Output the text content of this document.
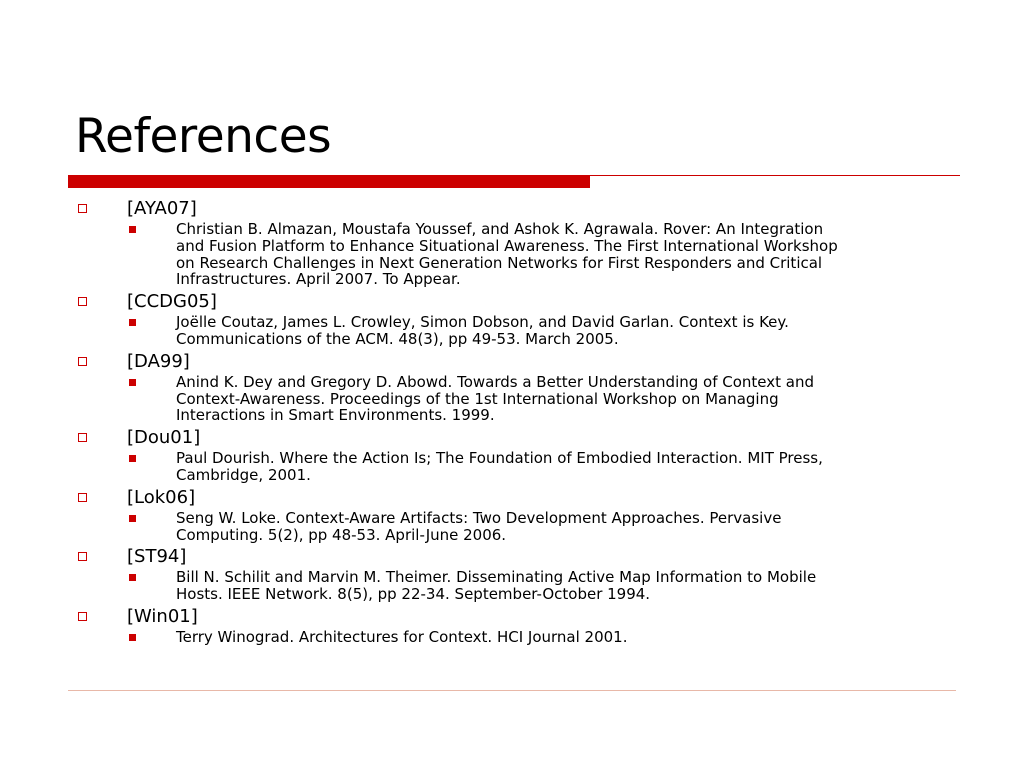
References
[AYA07]
Christian B. Almazan, Moustafa Youssef, and Ashok K. Agrawala. Rover: An Integration
and Fusion Platform to Enhance Situational Awareness. The First International Workshop
on Research Challenges in Next Generation Networks for First Responders and Critical
Infrastructures. April 2007. To Appear.
[CCDG05]
Joëlle Coutaz, James L. Crowley, Simon Dobson, and David Garlan. Context is Key.
Communications of the ACM. 48(3), pp 49-53. March 2005.
[DA99]
Anind K. Dey and Gregory D. Abowd. Towards a Better Understanding of Context and
Context-Awareness. Proceedings of the 1st International Workshop on Managing
Interactions in Smart Environments. 1999.
[Dou01]
Paul Dourish. Where the Action Is; The Foundation of Embodied Interaction. MIT Press,
Cambridge, 2001.
[Lok06]
Seng W. Loke. Context-Aware Artifacts: Two Development Approaches. Pervasive
Computing. 5(2), pp 48-53. April-June 2006.
[ST94]
Bill N. Schilit and Marvin M. Theimer. Disseminating Active Map Information to Mobile
Hosts. IEEE Network. 8(5), pp 22-34. September-October 1994.
[Win01]
Terry Winograd. Architectures for Context. HCI Journal 2001.
